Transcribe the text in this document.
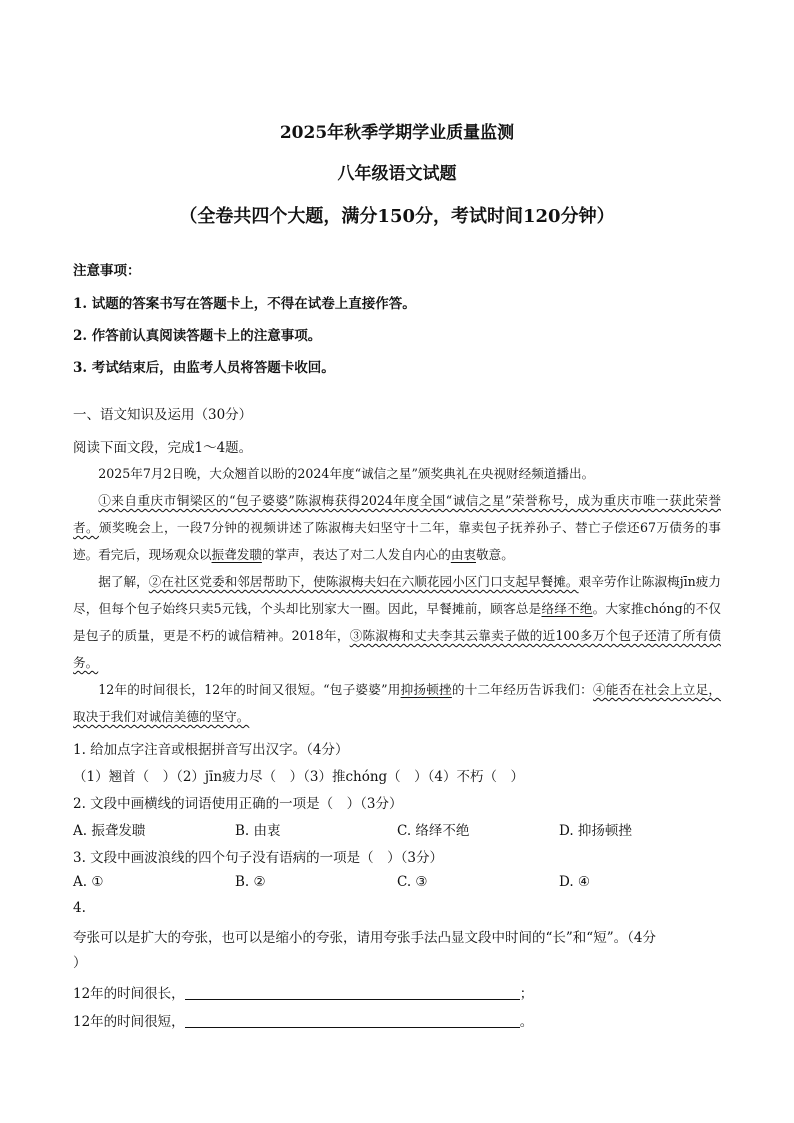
2025年秋季学期学业质量监测
八年级语文试题
（全卷共四个大题，满分150分，考试时间120分钟）
注意事项：
1. 试题的答案书写在答题卡上，不得在试卷上直接作答。
2. 作答前认真阅读答题卡上的注意事项。
3. 考试结束后，由监考人员将答题卡收回。
一、语文知识及运用（30分）
阅读下面文段，完成1～4题。

2025年7月2日晚，大众翘首以盼的2024年度“诚信之星”颁奖典礼在央视财经频道播出。

①来自重庆市铜梁区的“包子婆婆”陈淑梅获得2024年度全国“诚信之星”荣誉称号，成为重庆市唯一获此荣誉者。颁奖晚会上，一段7分钟的视频讲述了陈淑梅夫妇坚守十二年，靠卖包子抚养孙子、替亡子偿还67万债务的事迹。看完后，现场观众以振聋发聩的掌声，表达了对二人发自内心的由衷敬意。

据了解，②在社区党委和邻居帮助下，使陈淑梅夫妇在六顺花园小区门口支起早餐摊。艰辛劳作让陈淑梅jīn疲力尽，但每个包子始终只卖5元钱，个头却比别家大一圈。因此，早餐摊前，顾客总是络绎不绝。大家推chóng的不仅是包子的质量，更是不朽的诚信精神。2018年，③陈淑梅和丈夫李其云靠卖子做的近100多万个包子还清了所有债务。

12年的时间很长，12年的时间又很短。“包子婆婆”用抑扬顿挫的十二年经历告诉我们：④能否在社会上立足，取决于我们对诚信美德的坚守。

1. 给加点字注音或根据拼音写出汉字。（4分）
（1）翘首（　）（2）jīn疲力尽（　）（3）推chóng（　）（4）不朽（　）
2. 文段中画横线的词语使用正确的一项是（　）（3分）
A. 振聋发聩	B. 由衷	C. 络绎不绝	D. 抑扬顿挫
3. 文段中画波浪线的四个句子没有语病的一项是（　）（3分）
A. ①	B. ②	C. ③	D. ④
4.
夸张可以是扩大的夸张，也可以是缩小的夸张，请用夸张手法凸显文段中时间的“长”和“短”。（4分
）
12年的时间很长，	；
12年的时间很短，	。
